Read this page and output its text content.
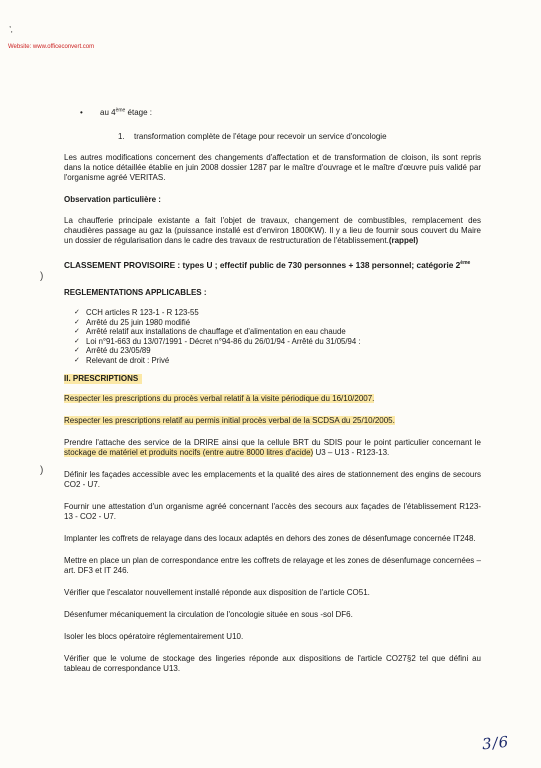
,
'
Website: www.officeconvert.com
)
)
• au 4ème étage :
1. transformation complète de l'étage pour recevoir un service d'oncologie

Les autres modifications concernent des changements d'affectation et de transformation de cloison, ils sont repris dans la notice détaillée établie en juin 2008 dossier 1287 par le maître d'ouvrage et le maître d'œuvre puis validé par l'organisme agréé VERITAS.

Observation particulière :

La chaufferie principale existante a fait l'objet de travaux, changement de combustibles, remplacement des chaudières passage au gaz la (puissance installé est d'environ 1800KW). Il y a lieu de fournir sous couvert du Maire un dossier de régularisation dans le cadre des travaux de restructuration de l'établissement.(rappel)

CLASSEMENT PROVISOIRE : types U ; effectif public de 730 personnes + 138 personnel; catégorie 2ème

REGLEMENTATIONS APPLICABLES :

✓ CCH articles R 123-1 - R 123-55
✓ Arrêté du 25 juin 1980 modifié
✓ Arrêté relatif aux installations de chauffage et d'alimentation en eau chaude
✓ Loi n°91-663 du 13/07/1991 - Décret n°94-86 du 26/01/94 - Arrêté du 31/05/94 :
✓ Arrêté du 23/05/89
✓ Relevant de droit : Privé

II. PRESCRIPTIONS

Respecter les prescriptions du procès verbal relatif à la visite périodique du 16/10/2007.

Respecter les prescriptions relatif au permis initial procès verbal de la SCDSA du 25/10/2005.

Prendre l'attache des service de la DRIRE ainsi que la cellule BRT du SDIS pour le point particulier concernant le stockage de matériel et produits nocifs (entre autre 8000 litres d'acide) U3 – U13 - R123-13.

Définir les façades accessible avec les emplacements et la qualité des aires de stationnement des engins de secours CO2 - U7.

Fournir une attestation d'un organisme agréé concernant l'accès des secours aux façades de l'établissement R123-13 - CO2 - U7.

Implanter les coffrets de relayage dans des locaux adaptés en dehors des zones de désenfumage concernée IT248.

Mettre en place un plan de correspondance entre les coffrets de relayage et les zones de désenfumage concernées – art. DF3 et IT 246.

Vérifier que l'escalator nouvellement installé réponde aux disposition de l'article CO51.

Désenfumer mécaniquement la circulation de l'oncologie située en sous -sol DF6.

Isoler les blocs opératoire réglementairement U10.

Vérifier que le volume de stockage des lingeries réponde aux dispositions de l'article CO27§2 tel que défini au tableau de correspondance U13.

3/6
